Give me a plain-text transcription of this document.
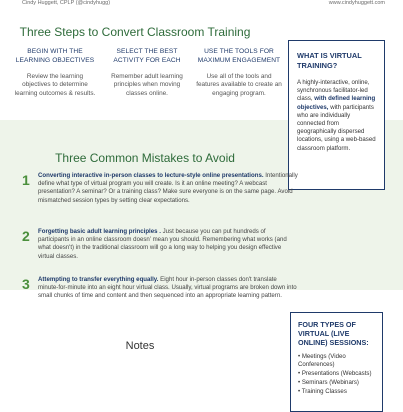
Cindy Huggett, CPLP (@cindyhugg)	www.cindyhuggett.com
Three Steps to Convert Classroom Training
BEGIN WITH THE LEARNING OBJECTIVES
Review the learning objectives to determine learning outcomes & results.
SELECT THE BEST ACTIVITY FOR EACH
Remember adult learning principles when moving classes online.
USE THE TOOLS FOR MAXIMUM ENGAGEMENT
Use all of the tools and features available to create an engaging program.
WHAT IS VIRTUAL TRAINING?
A highly-interactive, online, synchronous facilitator-led class, with defined learning objectives, with participants who are individually connected from geographically dispersed locations, using a web-based classroom platform.
Three Common Mistakes to Avoid
1 Converting interactive in-person classes to lecture-style online presentations. Intentionally define what type of virtual program you will create. Is it an online meeting? A webcast presentation? A seminar? Or a training class? Make sure everyone is on the same page. Avoid mismatched session types by setting clear expectations.
2 Forgetting basic adult learning principles . Just because you can put hundreds of participants in an online classroom doesn’ mean you should. Remembering what works (and what doesn't) in the traditional classroom will go a long way to helping you design effective virtual classes.
3 Attempting to transfer everything equally. Eight hour in-person classes don't translate minute-for-minute into an eight hour virtual class. Usually, virtual programs are broken down into small chunks of time and content and then sequenced into an appropriate learning pattern.
Notes
FOUR TYPES OF VIRTUAL (LIVE ONLINE) SESSIONS:
• Meetings (Video Conferences)
• Presentations (Webcasts)
• Seminars (Webinars)
• Training Classes
